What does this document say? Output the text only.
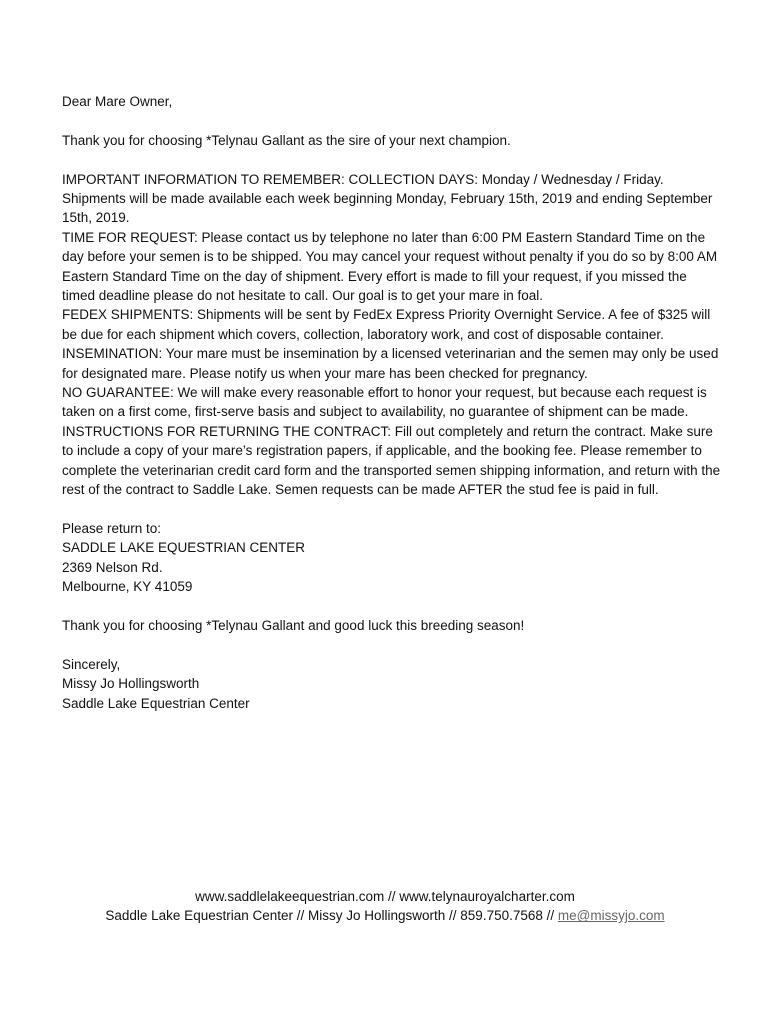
Dear Mare Owner,

Thank you for choosing *Telynau Gallant as the sire of your next champion.

IMPORTANT INFORMATION TO REMEMBER: COLLECTION DAYS: Monday / Wednesday / Friday. Shipments will be made available each week beginning Monday, February 15th, 2019 and ending September 15th, 2019.

TIME FOR REQUEST: Please contact us by telephone no later than 6:00 PM Eastern Standard Time on the day before your semen is to be shipped. You may cancel your request without penalty if you do so by 8:00 AM Eastern Standard Time on the day of shipment. Every effort is made to fill your request, if you missed the timed deadline please do not hesitate to call. Our goal is to get your mare in foal.

FEDEX SHIPMENTS: Shipments will be sent by FedEx Express Priority Overnight Service. A fee of $325 will be due for each shipment which covers, collection, laboratory work, and cost of disposable container.

INSEMINATION: Your mare must be insemination by a licensed veterinarian and the semen may only be used for designated mare. Please notify us when your mare has been checked for pregnancy.

NO GUARANTEE: We will make every reasonable effort to honor your request, but because each request is taken on a first come, first-serve basis and subject to availability, no guarantee of shipment can be made.

INSTRUCTIONS FOR RETURNING THE CONTRACT: Fill out completely and return the contract. Make sure to include a copy of your mare’s registration papers, if applicable, and the booking fee. Please remember to complete the veterinarian credit card form and the transported semen shipping information, and return with the rest of the contract to Saddle Lake. Semen requests can be made AFTER the stud fee is paid in full.

Please return to:

SADDLE LAKE EQUESTRIAN CENTER

2369 Nelson Rd.

Melbourne, KY 41059

Thank you for choosing *Telynau Gallant and good luck this breeding season!

Sincerely,

Missy Jo Hollingsworth

Saddle Lake Equestrian Center

www.saddlelakeequestrian.com // www.telynauroyalcharter.com

Saddle Lake Equestrian Center // Missy Jo Hollingsworth // 859.750.7568 // me@missyjo.com
